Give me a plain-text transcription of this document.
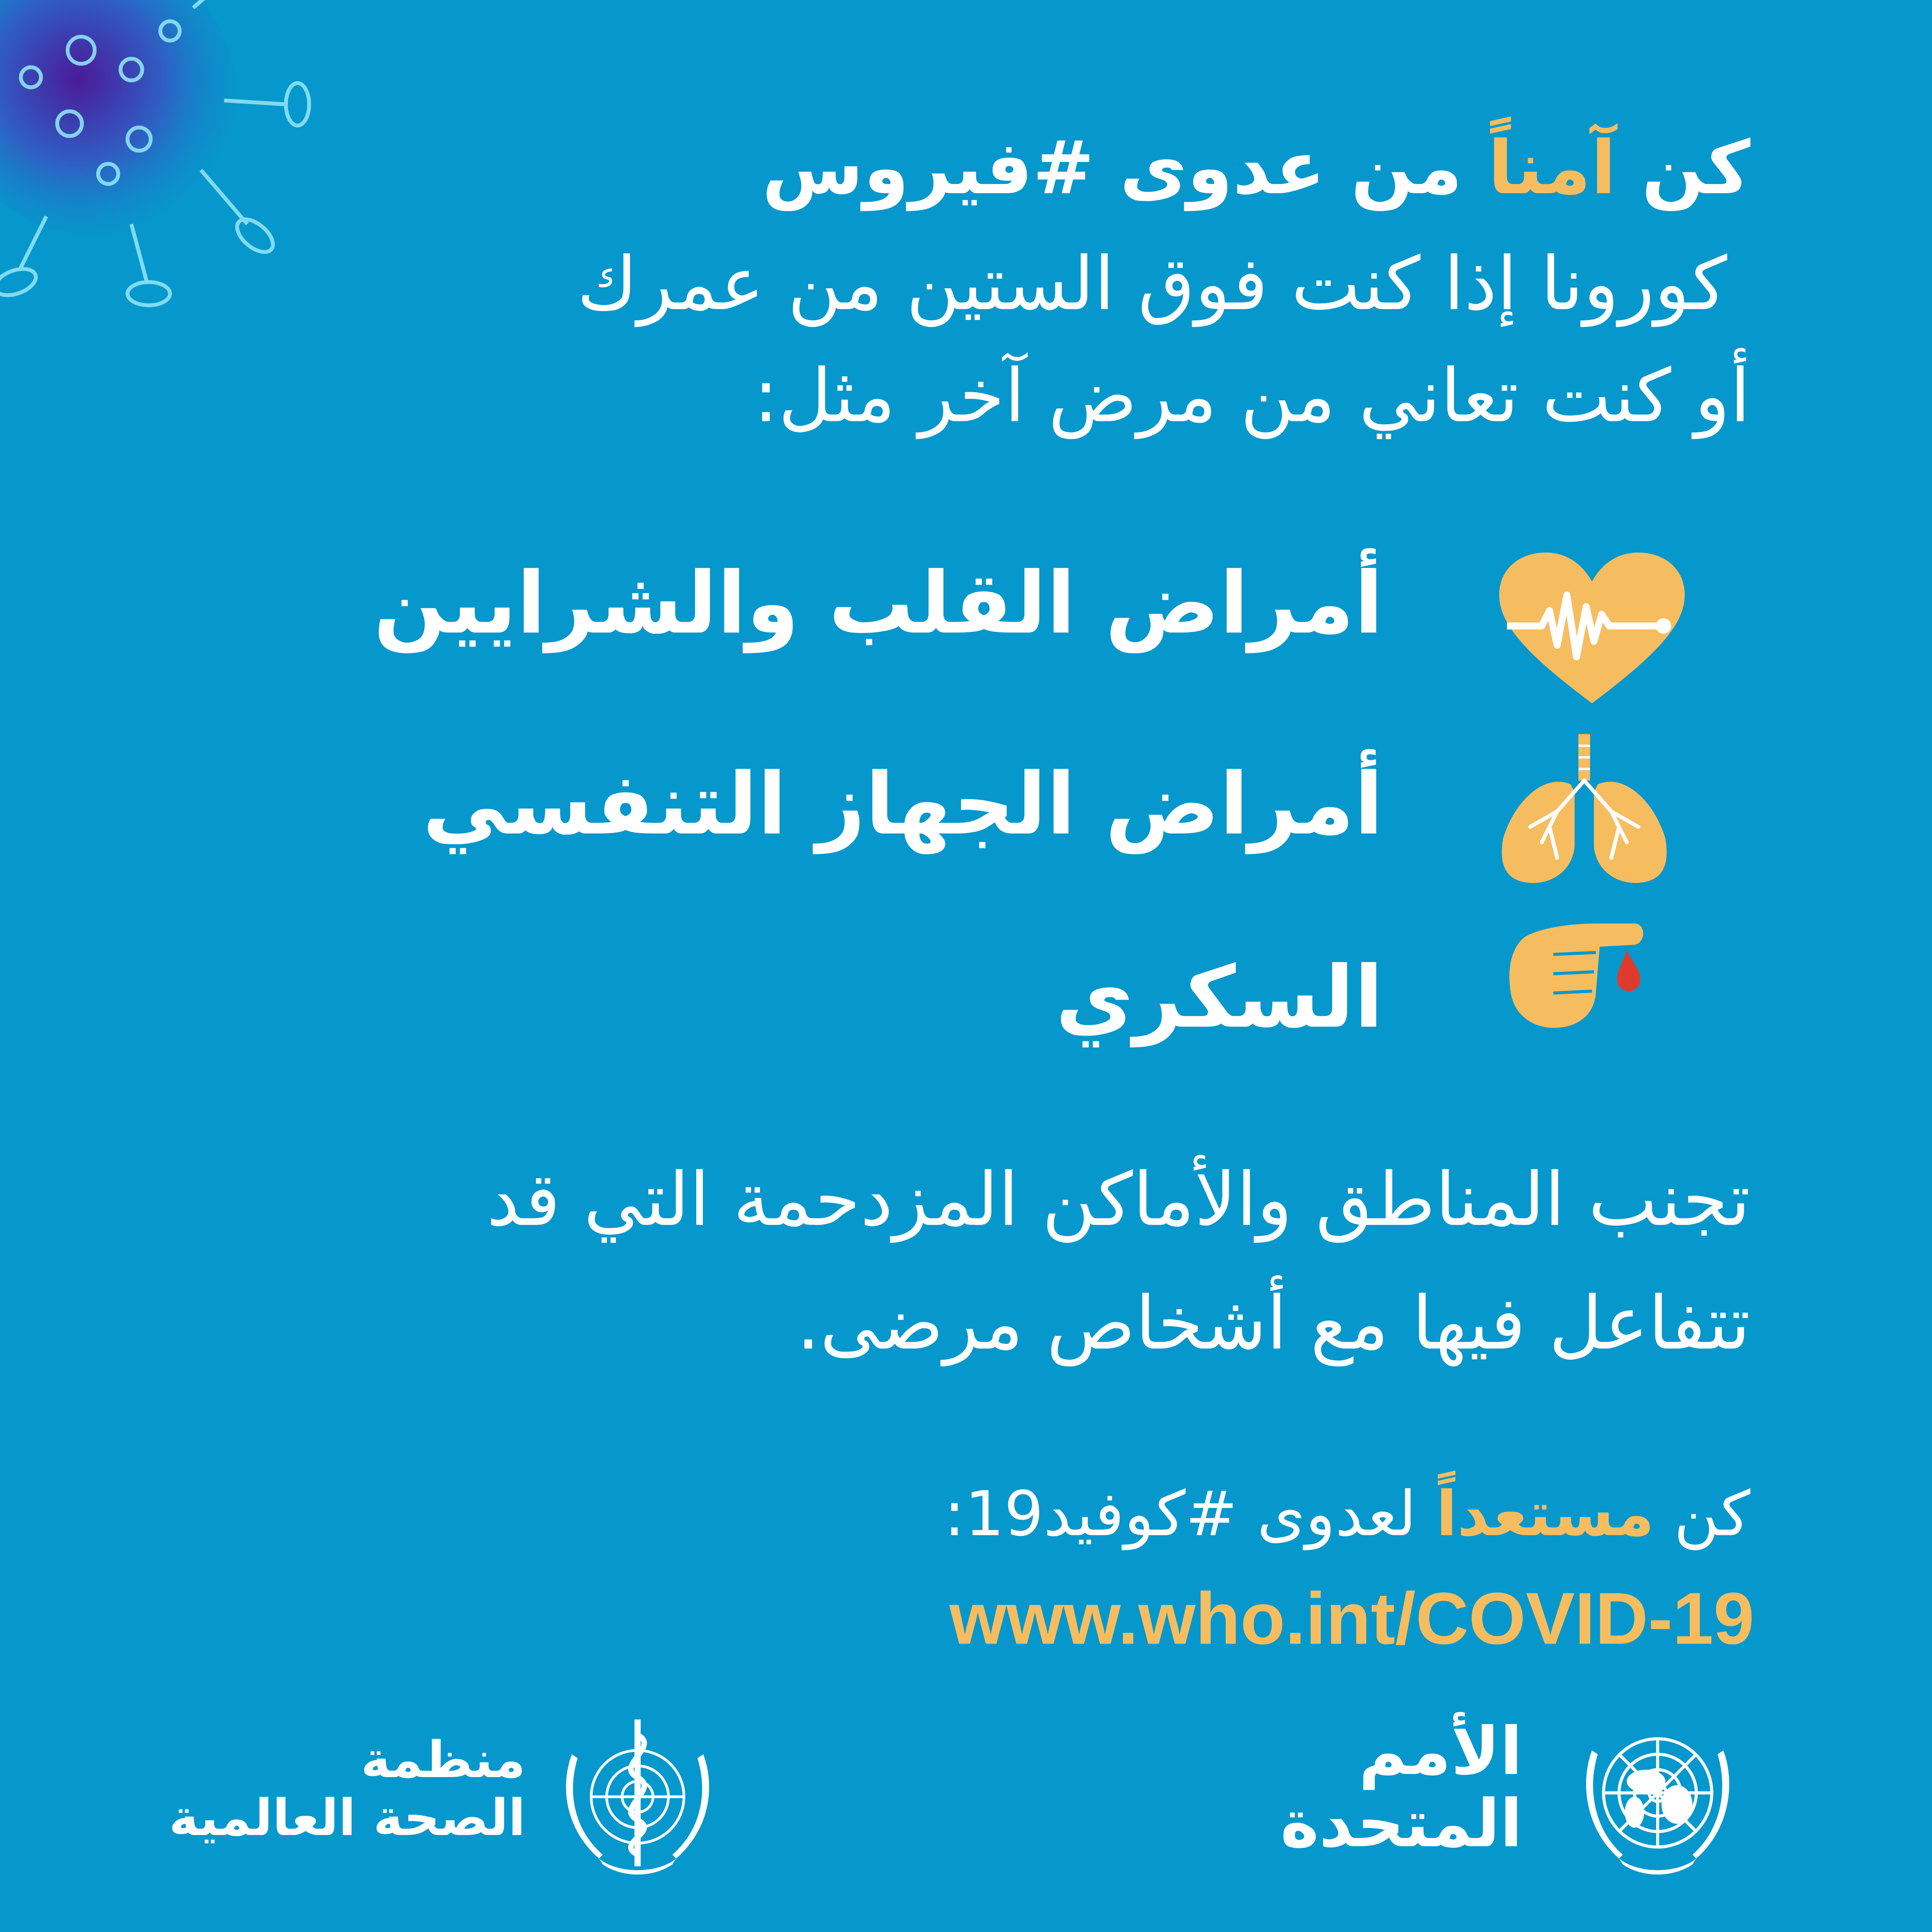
كن آمناً من عدوى #فيروس
كورونا إذا كنت فوق الستين من عمرك
أو كنت تعاني من مرض آخر مثل:
أمراض القلب والشرايين
أمراض الجهاز التنفسي
السكري
تجنب المناطق والأماكن المزدحمة التي قد
تتفاعل فيها مع أشخاص مرضى.
كن مستعداً لعدوى #كوفيد19:
www.who.int/COVID-19
الأمم
المتحدة
منظمة
الصحة العالمية
